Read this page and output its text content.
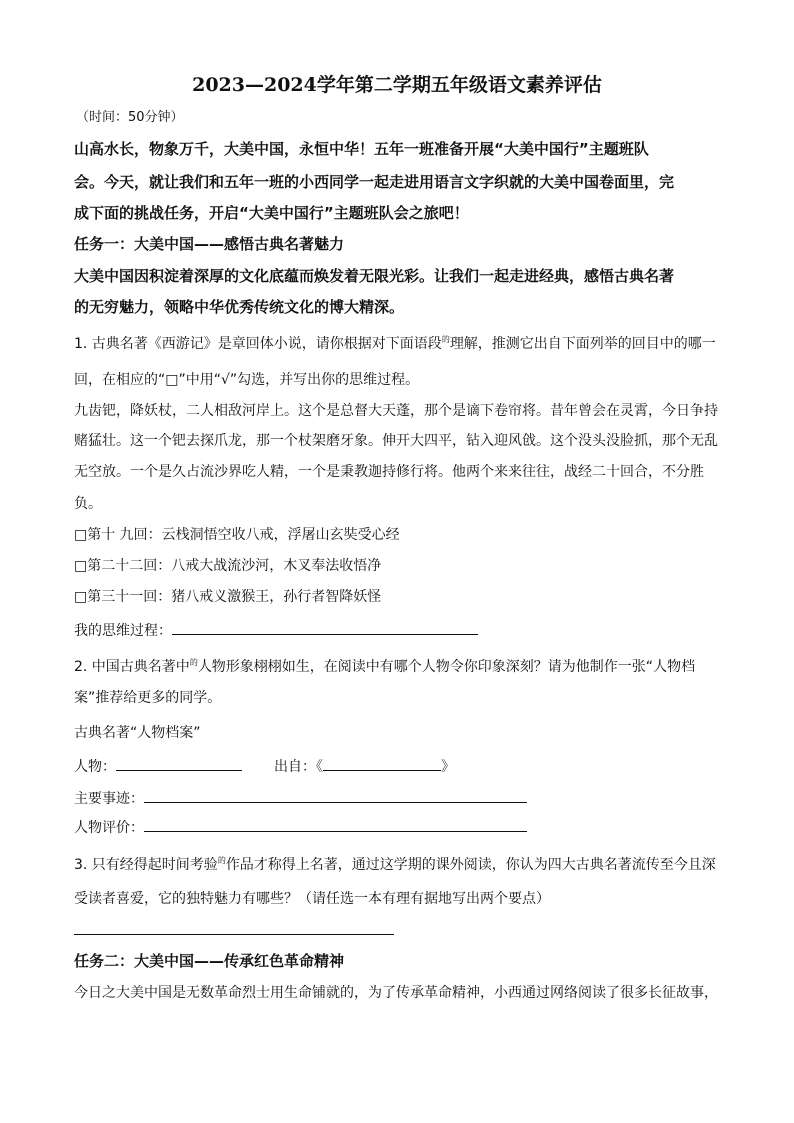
2023—2024学年第二学期五年级语文素养评估
（时间：50分钟）
山高水长，物象万千，大美中国，永恒中华！五年一班准备开展“大美中国行”主题班队
会。今天，就让我们和五年一班的小西同学一起走进用语言文字织就的大美中国卷面里，完
成下面的挑战任务，开启“大美中国行”主题班队会之旅吧！
任务一：大美中国——感悟古典名著魅力
大美中国因积淀着深厚的文化底蕴而焕发着无限光彩。让我们一起走进经典，感悟古典名著
的无穷魅力，领略中华优秀传统文化的博大精深。
1. 古典名著《西游记》是章回体小说，请你根据对下面语段$^的$理解，推测它出自下面列举的回目中的哪一
回，在相应的“□”中用“√”勾选，并写出你的思维过程。
九齿钯，降妖杖，二人相敌河岸上。这个是总督大天蓬，那个是谪下卷帘将。昔年曾会在灵霄，今日争持
赌猛壮。这一个钯去探爪龙，那一个杖架磨牙象。伸开大四平，钻入迎风戗。这个没头没脸抓，那个无乱
无空放。一个是久占流沙界吃人精，一个是秉教迦持修行将。他两个来来往往，战经二十回合，不分胜
负。
□第十 九回：云栈洞悟空收八戒，浮屠山玄奘受心经
□第二十二回：八戒大战流沙河，木叉奉法收悟净
□第三十一回：猪八戒义激猴王，孙行者智降妖怪
我的思维过程：
2. 中国古典名著中$^的$人物形象栩栩如生，在阅读中有哪个人物令你印象深刻？请为他制作一张“人物档
案”推荐给更多的同学。
古典名著“人物档案”
人物：	出自：《	》
主要事迹：
人物评价：
3. 只有经得起时间考验$^的$作品才称得上名著，通过这学期的课外阅读，你认为四大古典名著流传至今且深
受读者喜爱，它的独特魅力有哪些？（请任选一本有理有据地写出两个要点）
任务二：大美中国——传承红色革命精神
今日之大美中国是无数革命烈士用生命铺就的，为了传承革命精神，小西通过网络阅读了很多长征故事，
